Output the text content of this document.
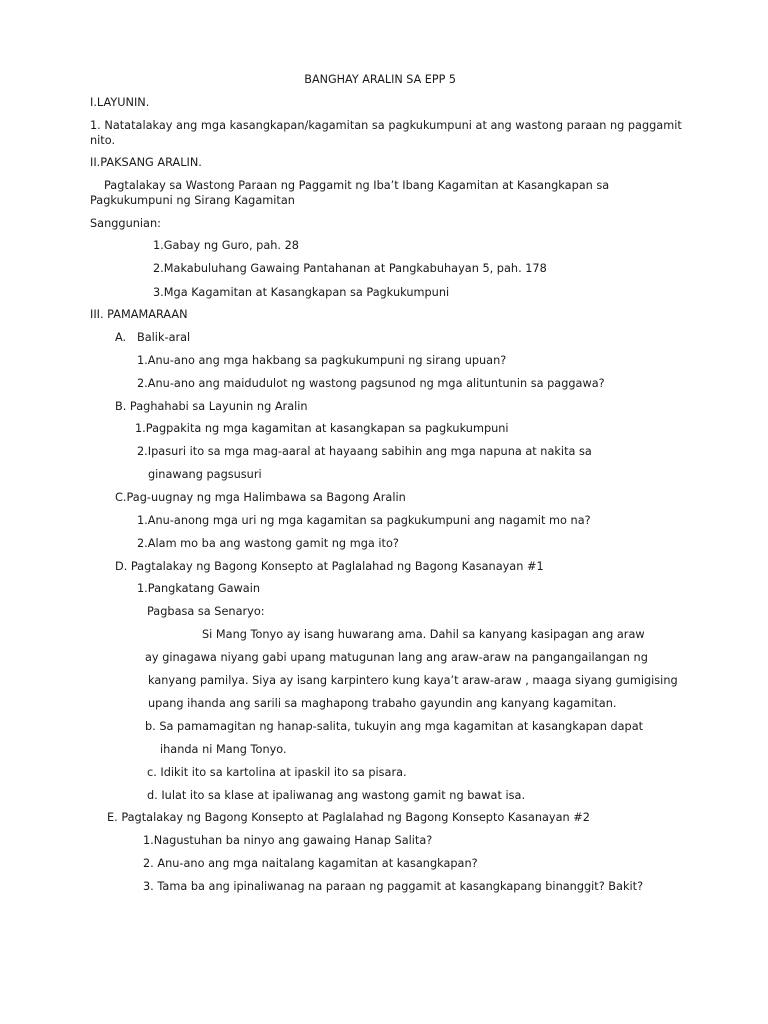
BANGHAY ARALIN SA EPP 5
I.LAYUNIN.
1. Natatalakay ang mga kasangkapan/kagamitan sa pagkukumpuni at ang wastong paraan ng paggamit
nito.
II.PAKSANG ARALIN.
Pagtalakay sa Wastong Paraan ng Paggamit ng Iba’t Ibang Kagamitan at Kasangkapan sa
Pagkukumpuni ng Sirang Kagamitan
Sanggunian:
1.Gabay ng Guro, pah. 28
2.Makabuluhang Gawaing Pantahanan at Pangkabuhayan 5, pah. 178
3.Mga Kagamitan at Kasangkapan sa Pagkukumpuni
III. PAMAMARAAN
A. Balik-aral
1.Anu-ano ang mga hakbang sa pagkukumpuni ng sirang upuan?
2.Anu-ano ang maidudulot ng wastong pagsunod ng mga alituntunin sa paggawa?
B. Paghahabi sa Layunin ng Aralin
1.Pagpakita ng mga kagamitan at kasangkapan sa pagkukumpuni
2.Ipasuri ito sa mga mag-aaral at hayaang sabihin ang mga napuna at nakita sa
ginawang pagsusuri
C.Pag-uugnay ng mga Halimbawa sa Bagong Aralin
1.Anu-anong mga uri ng mga kagamitan sa pagkukumpuni ang nagamit mo na?
2.Alam mo ba ang wastong gamit ng mga ito?
D. Pagtalakay ng Bagong Konsepto at Paglalahad ng Bagong Kasanayan #1
1.Pangkatang Gawain
Pagbasa sa Senaryo:
Si Mang Tonyo ay isang huwarang ama. Dahil sa kanyang kasipagan ang araw
ay ginagawa niyang gabi upang matugunan lang ang araw-araw na pangangailangan ng
kanyang pamilya. Siya ay isang karpintero kung kaya’t araw-araw , maaga siyang gumigising
upang ihanda ang sarili sa maghapong trabaho gayundin ang kanyang kagamitan.
b. Sa pamamagitan ng hanap-salita, tukuyin ang mga kagamitan at kasangkapan dapat
ihanda ni Mang Tonyo.
c. Idikit ito sa kartolina at ipaskil ito sa pisara.
d. Iulat ito sa klase at ipaliwanag ang wastong gamit ng bawat isa.
E. Pagtalakay ng Bagong Konsepto at Paglalahad ng Bagong Konsepto Kasanayan #2
1.Nagustuhan ba ninyo ang gawaing Hanap Salita?
2. Anu-ano ang mga naitalang kagamitan at kasangkapan?
3. Tama ba ang ipinaliwanag na paraan ng paggamit at kasangkapang binanggit? Bakit?
